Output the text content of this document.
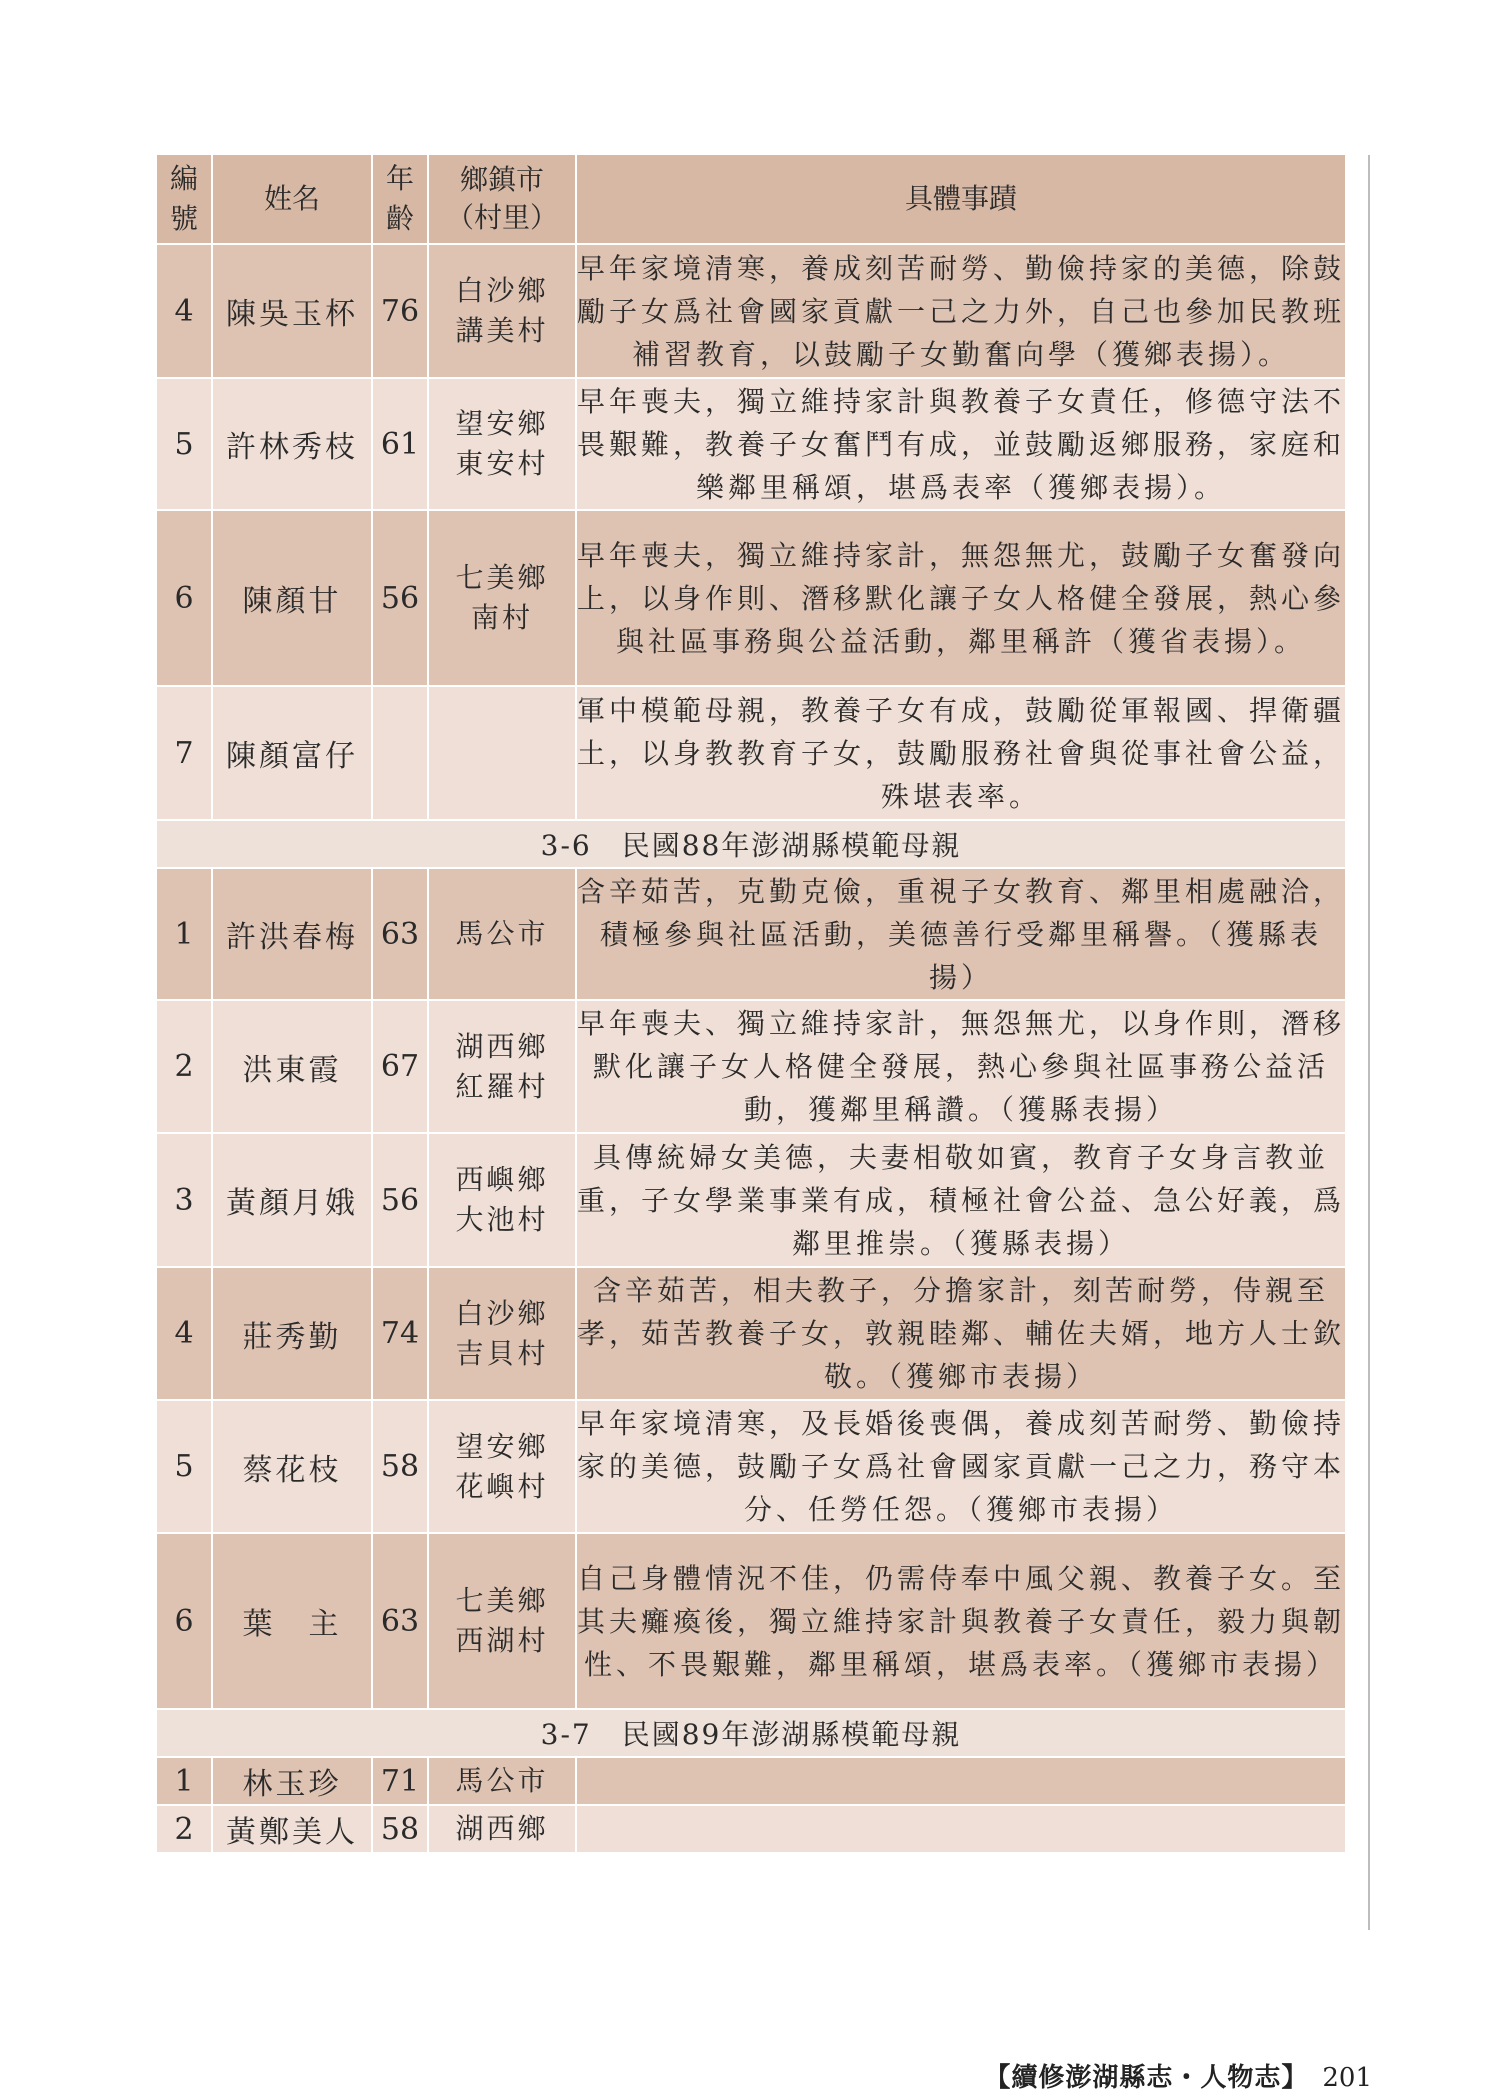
編號	姓名	年齡	鄉鎮市（村里）	具體事蹟
4	陳吳玉杯	76	白沙鄉講美村	早年家境清寒，養成刻苦耐勞、勤儉持家的美德，除鼓勵子女爲社會國家貢獻一己之力外，自己也參加民教班補習教育，以鼓勵子女勤奮向學（獲鄉表揚）。
5	許林秀枝	61	望安鄉東安村	早年喪夫，獨立維持家計與教養子女責任，修德守法不畏艱難，教養子女奮鬥有成，並鼓勵返鄉服務，家庭和樂鄰里稱頌，堪爲表率（獲鄉表揚）。
6	陳顏甘	56	七美鄉南村	早年喪夫，獨立維持家計，無怨無尤，鼓勵子女奮發向上，以身作則、潛移默化讓子女人格健全發展，熱心參與社區事務與公益活動，鄰里稱許（獲省表揚）。
7	陳顏富仔			軍中模範母親，教養子女有成，鼓勵從軍報國、捍衛疆土，以身教教育子女，鼓勵服務社會與從事社會公益，殊堪表率。
3-6　民國88年澎湖縣模範母親				
1	許洪春梅	63	馬公市	含辛茹苦，克勤克儉，重視子女教育、鄰里相處融洽，積極參與社區活動，美德善行受鄰里稱譽。（獲縣表揚）
2	洪東霞	67	湖西鄉紅羅村	早年喪夫、獨立維持家計，無怨無尤，以身作則，潛移默化讓子女人格健全發展，熱心參與社區事務公益活動，獲鄰里稱讚。（獲縣表揚）
3	黃顏月娥	56	西嶼鄉大池村	具傳統婦女美德，夫妻相敬如賓，教育子女身言教並重，子女學業事業有成，積極社會公益、急公好義，爲鄰里推崇。（獲縣表揚）
4	莊秀勤	74	白沙鄉吉貝村	含辛茹苦，相夫教子，分擔家計，刻苦耐勞，侍親至孝，茹苦教養子女，敦親睦鄰、輔佐夫婿，地方人士欽敬。（獲鄉市表揚）
5	蔡花枝	58	望安鄉花嶼村	早年家境清寒，及長婚後喪偶，養成刻苦耐勞、勤儉持家的美德，鼓勵子女爲社會國家貢獻一己之力，務守本分、任勞任怨。（獲鄉市表揚）
6	葉　主	63	七美鄉西湖村	自己身體情況不佳，仍需侍奉中風父親、教養子女。至其夫癱瘓後，獨立維持家計與教養子女責任，毅力與韌性、不畏艱難，鄰里稱頌，堪爲表率。（獲鄉市表揚）
3-7　民國89年澎湖縣模範母親				
1	林玉珍	71	馬公市	
2	黃鄭美人	58	湖西鄉	
【續修澎湖縣志・人物志】 201
